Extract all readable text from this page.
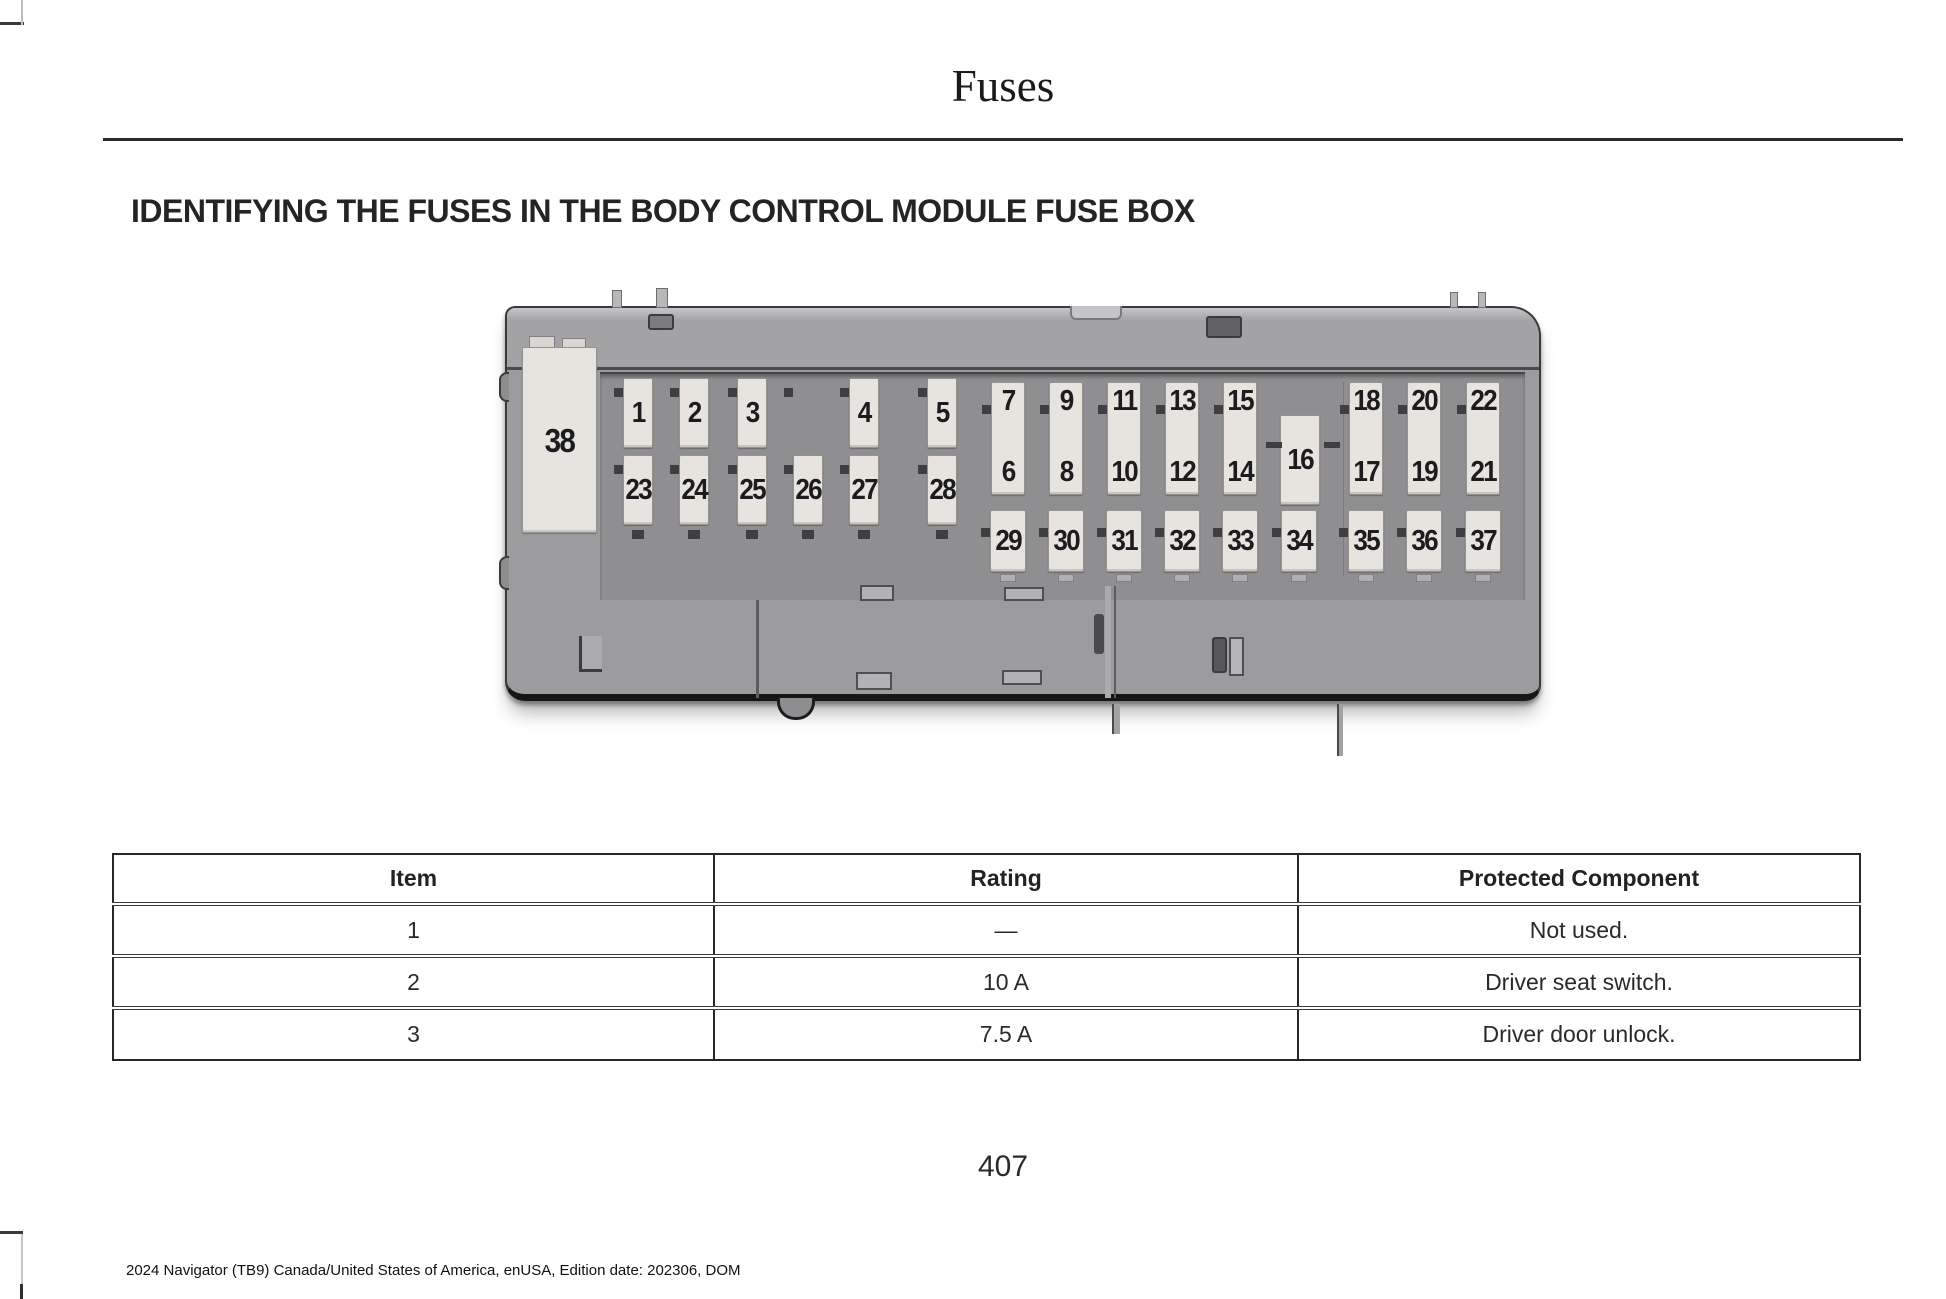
Fuses
IDENTIFYING THE FUSES IN THE BODY CONTROL MODULE FUSE BOX
38
1 2 3	4 5
23 24 25 26 27 28
7
6
9
8
11
10
13
12
15
14
18
17
20
19
22
21
16
29 30 31 32 33 34 35 36 37
Item	Rating	Protected Component
1	—	Not used.
2	10 A	Driver seat switch.
3	7.5 A	Driver door unlock.
407
2024 Navigator (TB9) Canada/United States of America, enUSA, Edition date: 202306, DOM
